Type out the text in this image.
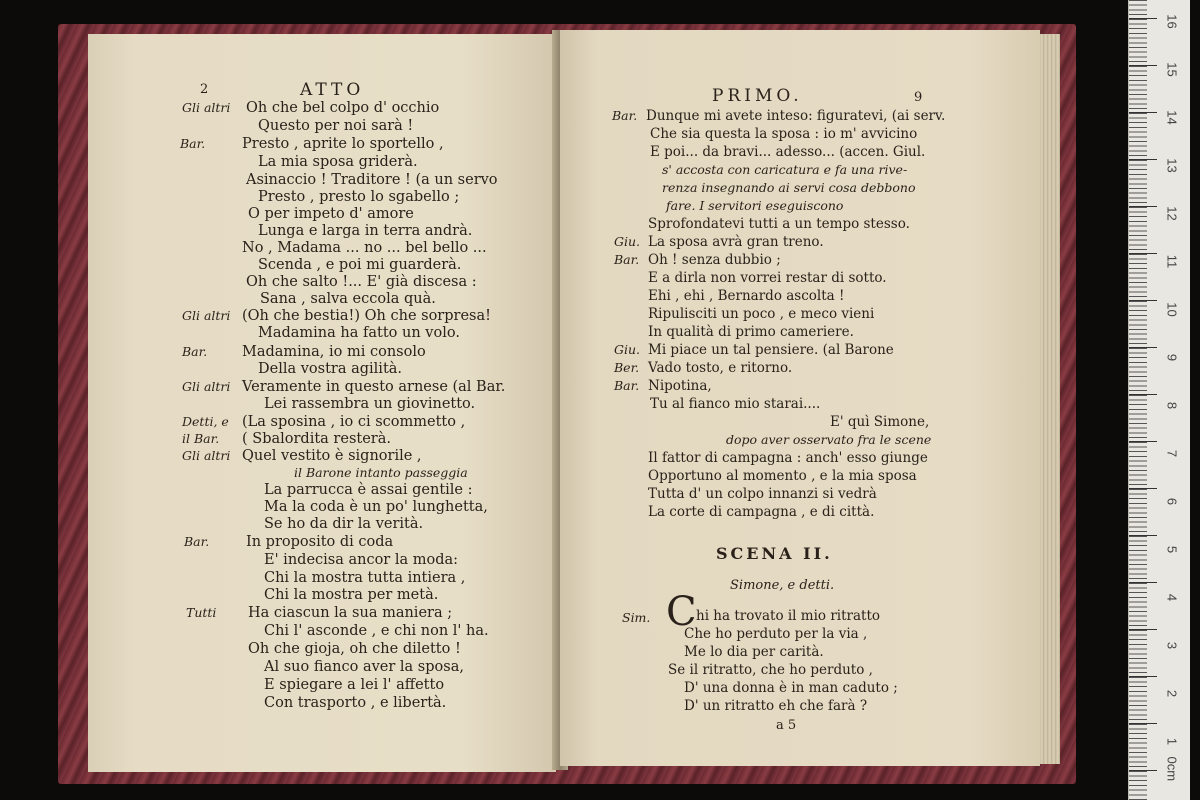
2	ATTO
Gli altri Oh che bel colpo d' occhio
Questo per noi sarà !
Bar.	Presto , aprite lo sportello ,
La mia sposa griderà.
Asinaccio ! Traditore ! (a un servo
Presto , presto lo sgabello ;
O per impeto d' amore
Lunga e larga in terra andrà.
No , Madama ... no ... bel bello ...
Scenda , e poi mi guarderà.
Oh che salto !... E' già discesa :
Sana , salva eccola quà.
Gli altri (Oh che bestia!) Oh che sorpresa!
Madamina ha fatto un volo.
Bar. Madamina, io mi consolo
Della vostra agilità.
Gli altri Veramente in questo arnese (al Bar.
Lei rassembra un giovinetto.
Detti, e (La sposina , io ci scommetto ,
il Bar. ( Sbalordita resterà.
Gli altri Quel vestito è signorile ,
il Barone intanto passeggia
La parrucca è assai gentile :
Ma la coda è un po' lunghetta,
Se ho da dir la verità.
Bar.	In proposito di coda
E' indecisa ancor la moda:
Chi la mostra tutta intiera ,
Chi la mostra per metà.
Tutti Ha ciascun la sua maniera ;
Chi l' asconde , e chi non l' ha.
Oh che gioja, oh che diletto !
Al suo fianco aver la sposa,
E spiegare a lei l' affetto
Con trasporto , e libertà.
PRIMO.	9
Bar. Dunque mi avete inteso: figuratevi, (ai serv.
Che sia questa la sposa : io m' avvicino
E poi... da bravi... adesso... (accen. Giul.
s' accosta con caricatura e fa una rive-
renza insegnando ai servi cosa debbono
fare. I servitori eseguiscono
Sprofondatevi tutti a un tempo stesso.
Giu. La sposa avrà gran treno.
Bar. Oh ! senza dubbio ;
E a dirla non vorrei restar di sotto.
Ehi , ehi , Bernardo ascolta !
Ripulisciti un poco , e meco vieni
In qualità di primo cameriere.
Giu. Mi piace un tal pensiere. (al Barone
Ber. Vado tosto, e ritorno.
Bar. Nipotina,
Tu al fianco mio starai....
E' quì Simone,
dopo aver osservato fra le scene
Il fattor di campagna : anch' esso giunge
Opportuno al momento , e la mia sposa
Tutta d' un colpo innanzi si vedrà
La corte di campagna , e di città.
SCENA II.
Simone, e detti.
Sim. C hi ha trovato il mio ritratto
Che ho perduto per la via ,
Me lo dia per carità.
Se il ritratto, che ho perduto ,
D' una donna è in man caduto ;
D' un ritratto eh che farà ?
a 5
0cm
1
2
3
4
5
6
7
8
9
10
11
12
13
14
15
16
